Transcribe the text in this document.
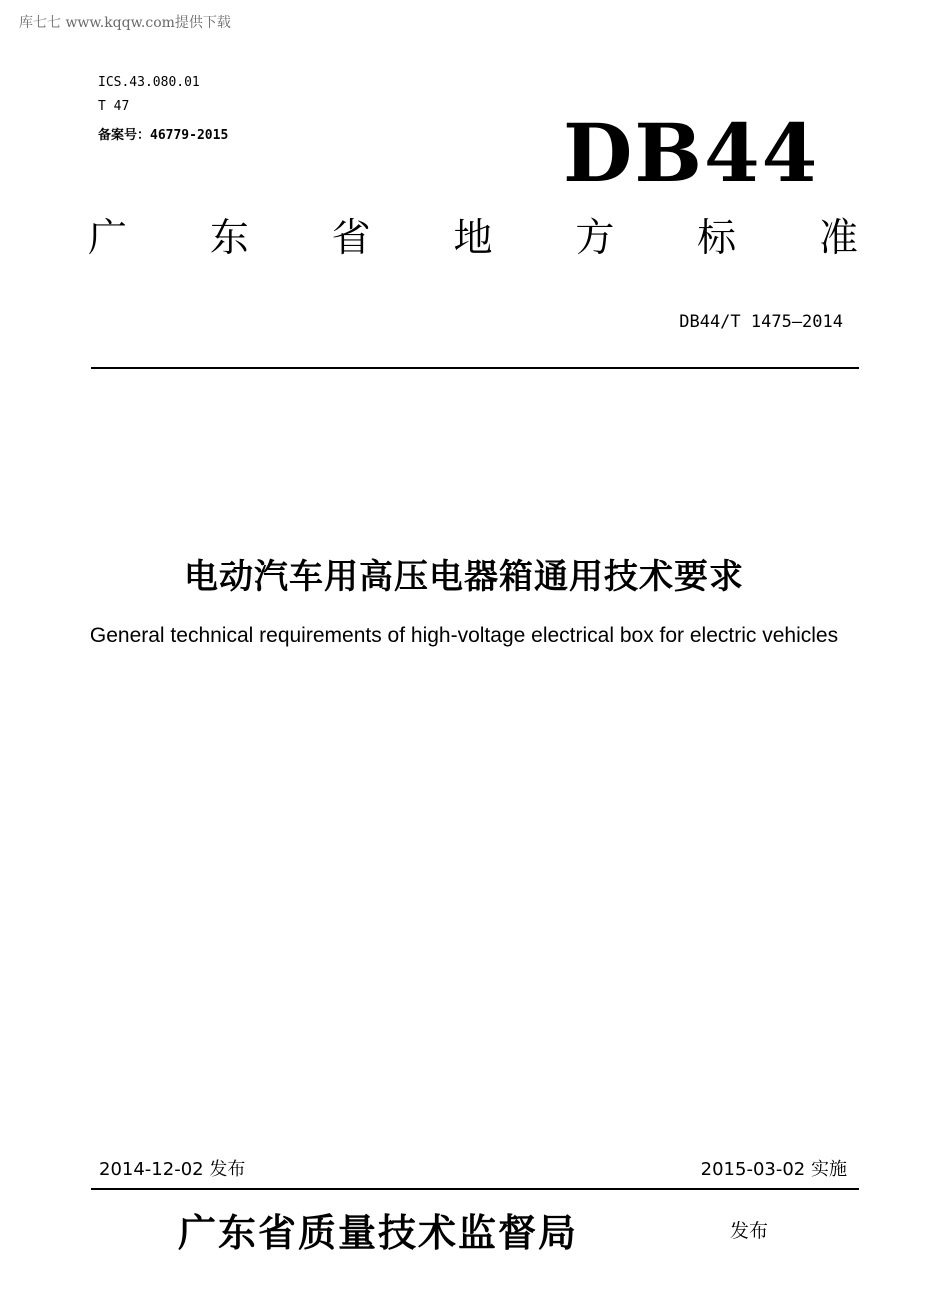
库七七 www.kqqw.com提供下载
ICS.43.080.01
T 47
备案号：46779-2015	DB44
广 东 省 地 方 标 准
DB44/T 1475—2014
电动汽车用高压电器箱通用技术要求
General technical requirements of high-voltage electrical box for electric vehicles
2014-12-02 发布	2015-03-02 实施
广东省质量技术监督局	发布
